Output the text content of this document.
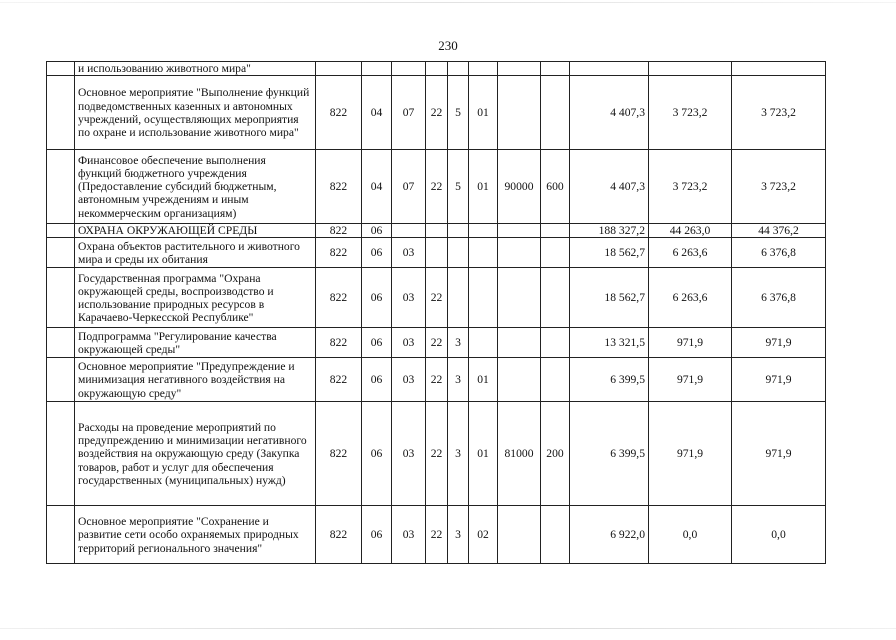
230
	и использованию животного мира"											
	Основное мероприятие "Выполнение функций подведомственных казенных и автономных учреждений, осуществляющих мероприятия по охране и использование животного мира"	822	04	07	22	5	01			4 407,3	3 723,2	3 723,2
	Финансовое обеспечение выполнения функций бюджетного учреждения (Предоставление субсидий бюджетным, автономным учреждениям и иным некоммерческим организациям)	822	04	07	22	5	01	90000	600	4 407,3	3 723,2	3 723,2
	ОХРАНА ОКРУЖАЮЩЕЙ СРЕДЫ	822	06							188 327,2	44 263,0	44 376,2
	Охрана объектов растительного и животного мира и среды их обитания	822	06	03						18 562,7	6 263,6	6 376,8
	Государственная программа "Охрана окружающей среды, воспроизводство и использование природных ресурсов в Карачаево-Черкесской Республике"	822	06	03	22					18 562,7	6 263,6	6 376,8
	Подпрограмма "Регулирование качества окружающей среды"	822	06	03	22	3				13 321,5	971,9	971,9
	Основное мероприятие "Предупреждение и минимизация негативного воздействия на окружающую среду"	822	06	03	22	3	01			6 399,5	971,9	971,9
	Расходы на проведение мероприятий по предупреждению и минимизации негативного воздействия на окружающую среду (Закупка товаров, работ и услуг для обеспечения государственных (муниципальных) нужд)	822	06	03	22	3	01	81000	200	6 399,5	971,9	971,9
	Основное мероприятие "Сохранение и развитие сети особо охраняемых природных территорий регионального значения"	822	06	03	22	3	02			6 922,0	0,0	0,0
